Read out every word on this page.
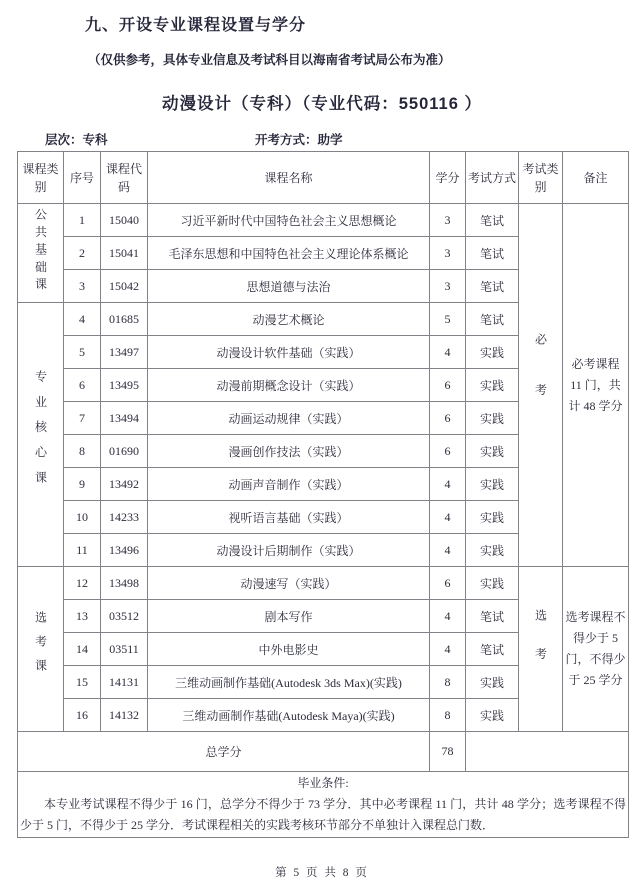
九、开设专业课程设置与学分
（仅供参考，具体专业信息及考试科目以海南省考试局公布为准）
动漫设计（专科）（专业代码：550116 ）
层次：专科	开考方式：助学
课程类别	序号	课程代码	课程名称	学分	考试方式	考试类别	备注
公共基础课	1	15040	习近平新时代中国特色社会主义思想概论	3	笔试	必考	必考课程 11 门，共计 48 学分
	2	15041	毛泽东思想和中国特色社会主义理论体系概论	3	笔试		
	3	15042	思想道德与法治	3	笔试		
专业核心课	4	01685	动漫艺术概论	5	笔试		
	5	13497	动漫设计软件基础（实践）	4	实践		
	6	13495	动漫前期概念设计（实践）	6	实践		
	7	13494	动画运动规律（实践）	6	实践		
	8	01690	漫画创作技法（实践）	6	实践		
	9	13492	动画声音制作（实践）	4	实践		
	10	14233	视听语言基础（实践）	4	实践		
	11	13496	动漫设计后期制作（实践）	4	实践		
选考课	12	13498	动漫速写（实践）	6	实践	选考	选考课程不得少于 5 门，不得少于 25 学分
	13	03512	剧本写作	4	笔试		
	14	03511	中外电影史	4	笔试		
	15	14131	三维动画制作基础(Autodesk 3ds Max)(实践)	8	实践		
	16	14132	三维动画制作基础(Autodesk Maya)(实践)	8	实践		
总学分				78			

毕业条件:
本专业考试课程不得少于 16 门，总学分不得少于 73 学分．其中必考课程 11 门，共计 48 学分；选考课程不得少于 5 门，不得少于 25 学分．考试课程相关的实践考核环节部分不单独计入课程总门数．							
第 5 页 共 8 页
